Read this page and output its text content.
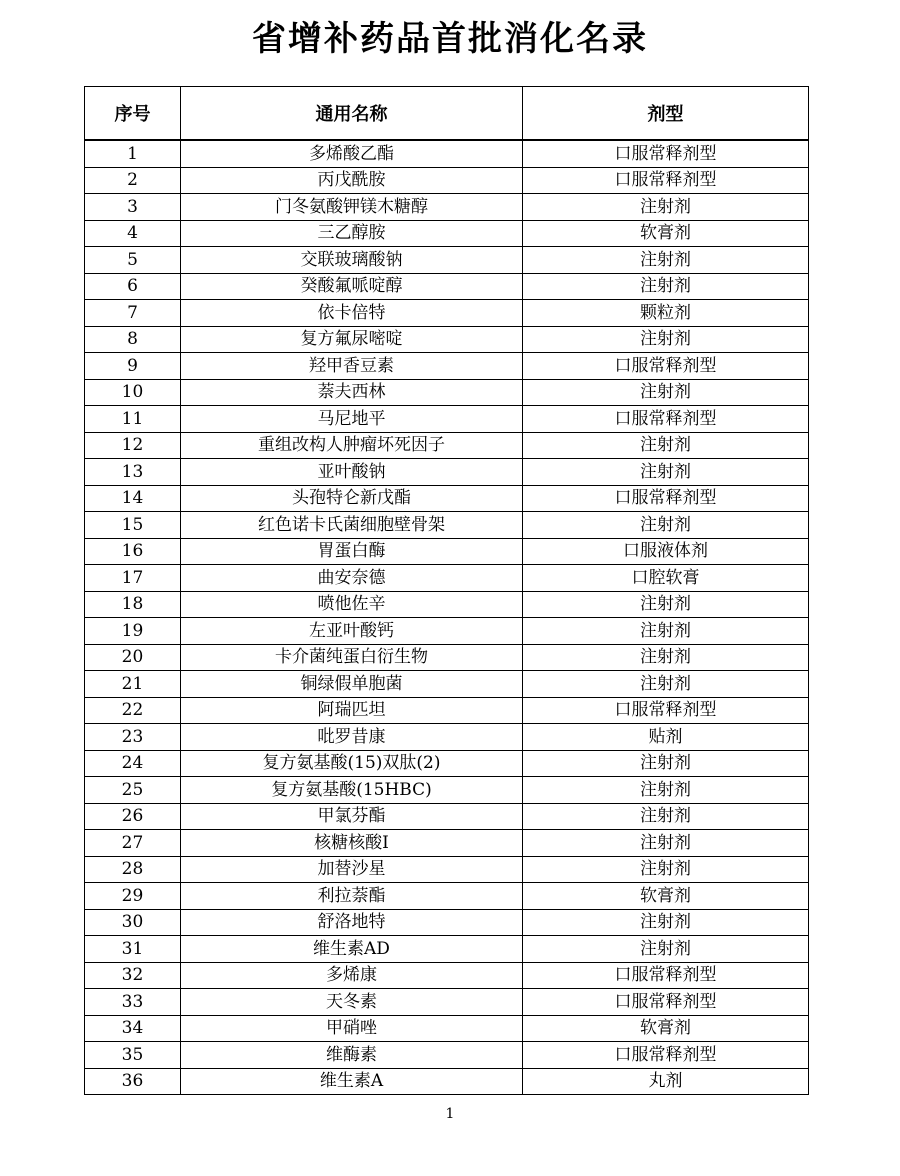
省增补药品首批消化名录
序号	通用名称	剂型
1	多烯酸乙酯	口服常释剂型
2	丙戊酰胺	口服常释剂型
3	门冬氨酸钾镁木糖醇	注射剂
4	三乙醇胺	软膏剂
5	交联玻璃酸钠	注射剂
6	癸酸氟哌啶醇	注射剂
7	依卡倍特	颗粒剂
8	复方氟尿嘧啶	注射剂
9	羟甲香豆素	口服常释剂型
10	萘夫西林	注射剂
11	马尼地平	口服常释剂型
12	重组改构人肿瘤坏死因子	注射剂
13	亚叶酸钠	注射剂
14	头孢特仑新戊酯	口服常释剂型
15	红色诺卡氏菌细胞壁骨架	注射剂
16	胃蛋白酶	口服液体剂
17	曲安奈德	口腔软膏
18	喷他佐辛	注射剂
19	左亚叶酸钙	注射剂
20	卡介菌纯蛋白衍生物	注射剂
21	铜绿假单胞菌	注射剂
22	阿瑞匹坦	口服常释剂型
23	吡罗昔康	贴剂
24	复方氨基酸(15)双肽(2)	注射剂
25	复方氨基酸(15HBC)	注射剂
26	甲氯芬酯	注射剂
27	核糖核酸I	注射剂
28	加替沙星	注射剂
29	利拉萘酯	软膏剂
30	舒洛地特	注射剂
31	维生素AD	注射剂
32	多烯康	口服常释剂型
33	天冬素	口服常释剂型
34	甲硝唑	软膏剂
35	维酶素	口服常释剂型
36	维生素A	丸剂
1
